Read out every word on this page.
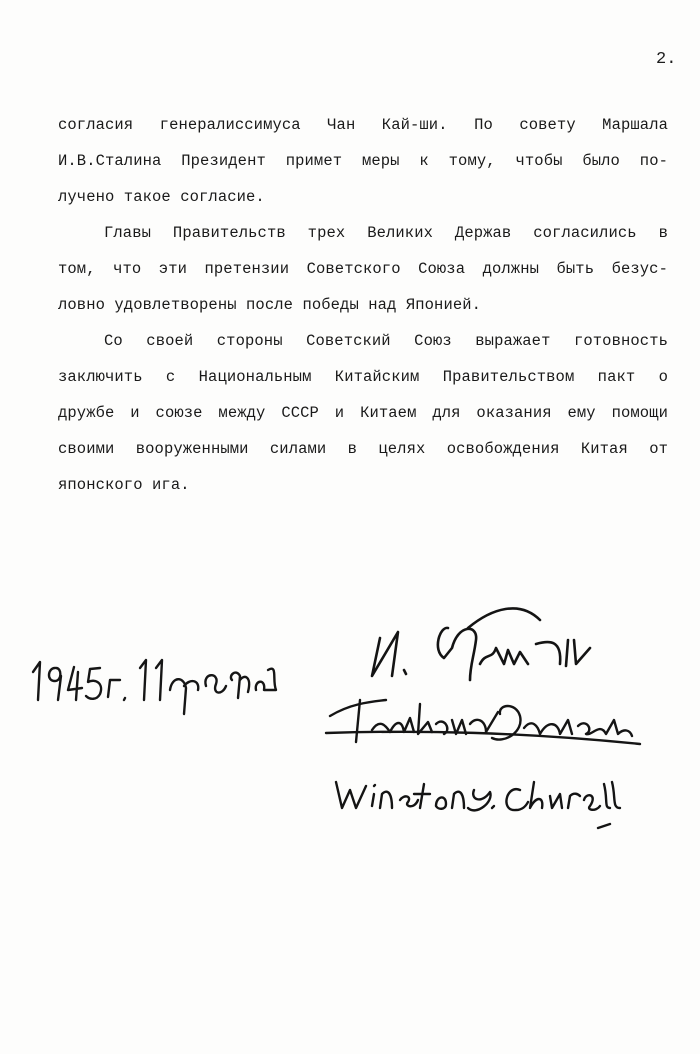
2.
согласия генералиссимуса Чан Кай-ши. По совету Маршала
И.В.Сталина Президент примет меры к тому, чтобы было по-
лучено такое согласие.
Главы Правительств трех Великих Держав согласились в
том, что эти претензии Советского Союза должны быть безус-
ловно удовлетворены после победы над Японией.
Со своей стороны Советский Союз выражает готовность
заключить с Национальным Китайским Правительством пакт о
дружбе и союзе между СССР и Китаем для оказания ему помощи
своими вооруженными силами в целях освобождения Китая от
японского ига.
